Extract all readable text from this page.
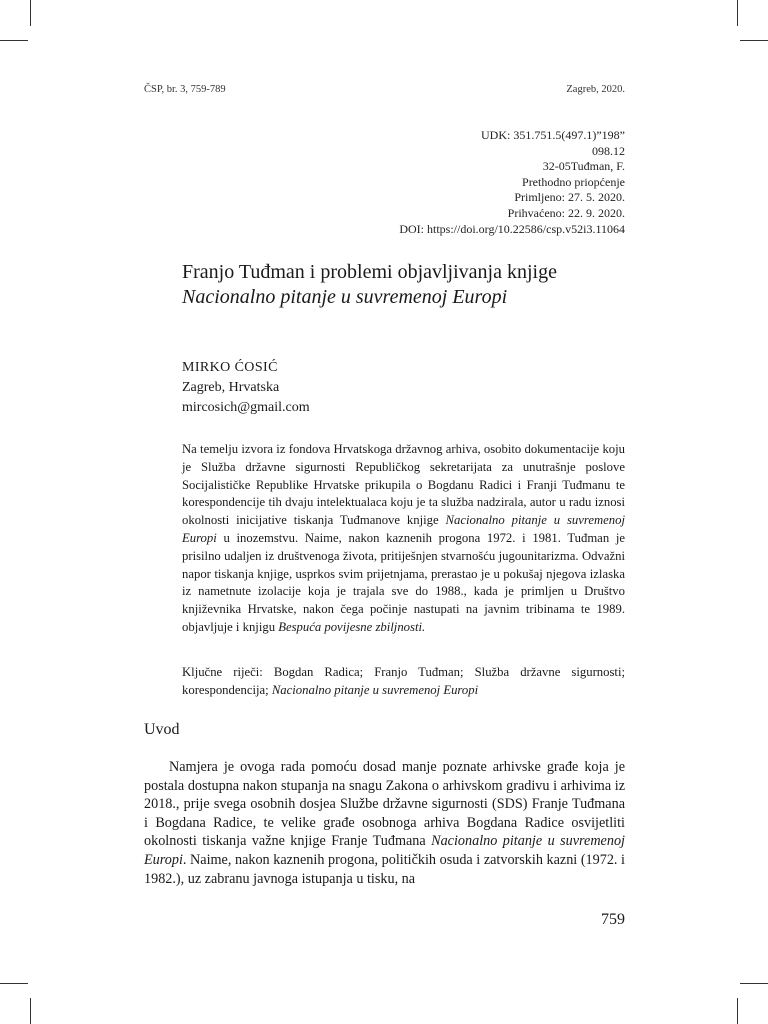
ČSP, br. 3, 759-789	Zagreb, 2020.
UDK: 351.751.5(497.1)”198”
098.12
32-05Tuđman, F.
Prethodno priopćenje
Primljeno: 27. 5. 2020.
Prihvaćeno: 22. 9. 2020.
DOI: https://doi.org/10.22586/csp.v52i3.11064
Franjo Tuđman i problemi objavljivanja knjige
Nacionalno pitanje u suvremenoj Europi
MIRKO ĆOSIĆ
Zagreb, Hrvatska
mircosich@gmail.com

Na temelju izvora iz fondova Hrvatskoga državnog arhiva, osobito dokumentacije koju je Služba državne sigurnosti Republičkog sekretarijata za unutrašnje poslove Socijalističke Republike Hrvatske prikupila o Bogdanu Radici i Franji Tuđmanu te korespondencije tih dvaju intelektualaca koju je ta služba nadzirala, autor u radu iznosi okolnosti inicijative tiskanja Tuđmanove knjige Nacionalno pitanje u suvremenoj Europi u inozemstvu. Naime, nakon kaznenih progona 1972. i 1981. Tuđman je prisilno udaljen iz društvenoga života, pritiješnjen stvarnošću jugounitarizma. Odvažni napor tiskanja knjige, usprkos svim prijetnjama, prerastao je u pokušaj njegova izlaska iz nametnute izolacije koja je trajala sve do 1988., kada je primljen u Društvo književnika Hrvatske, nakon čega počinje nastupati na javnim tribinama te 1989. objavljuje i knjigu Bespuća povijesne zbiljnosti.

Ključne riječi: Bogdan Radica; Franjo Tuđman; Služba državne sigurnosti; korespondencija; Nacionalno pitanje u suvremenoj Europi
Uvod

Namjera je ovoga rada pomoću dosad manje poznate arhivske građe koja je postala dostupna nakon stupanja na snagu Zakona o arhivskom gradivu i arhivima iz 2018., prije svega osobnih dosjea Službe državne sigurnosti (SDS) Franje Tuđmana i Bogdana Radice, te velike građe osobnoga arhiva Bogdana Radice osvijetliti okolnosti tiskanja važne knjige Franje Tuđmana Nacionalno pitanje u suvremenoj Europi. Naime, nakon kaznenih progona, političkih osuda i zatvorskih kazni (1972. i 1982.), uz zabranu javnoga istupanja u tisku, na

759
